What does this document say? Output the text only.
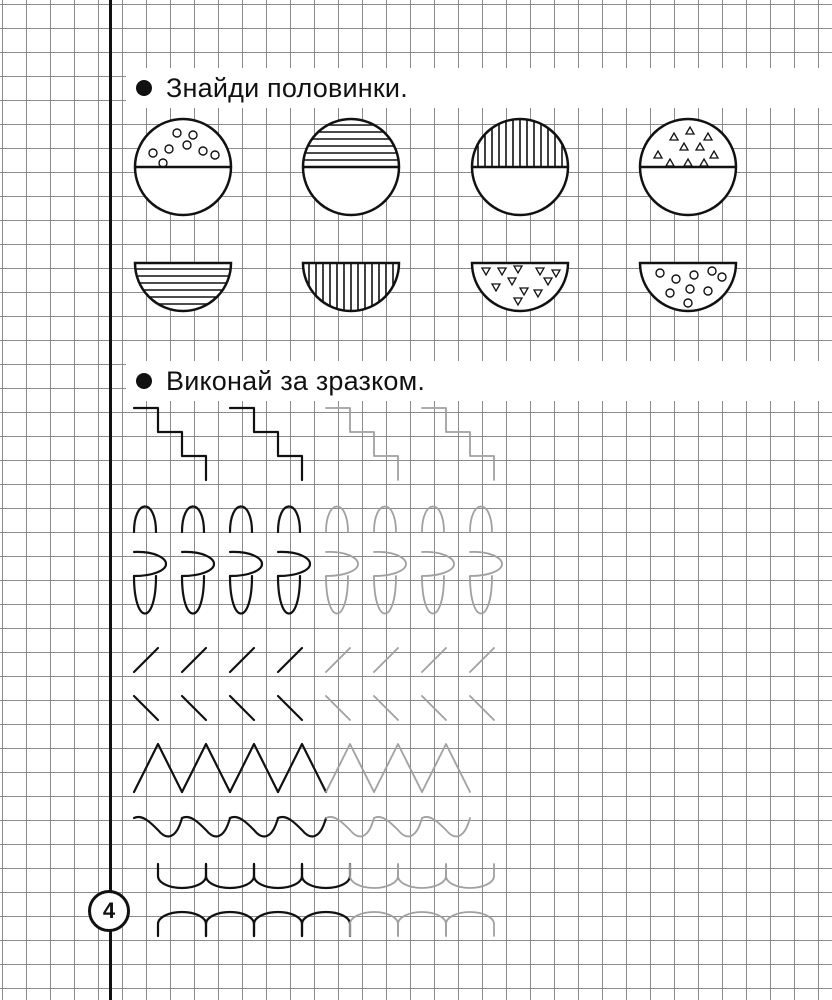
Знайди половинки.
Виконай за зразком.
4
